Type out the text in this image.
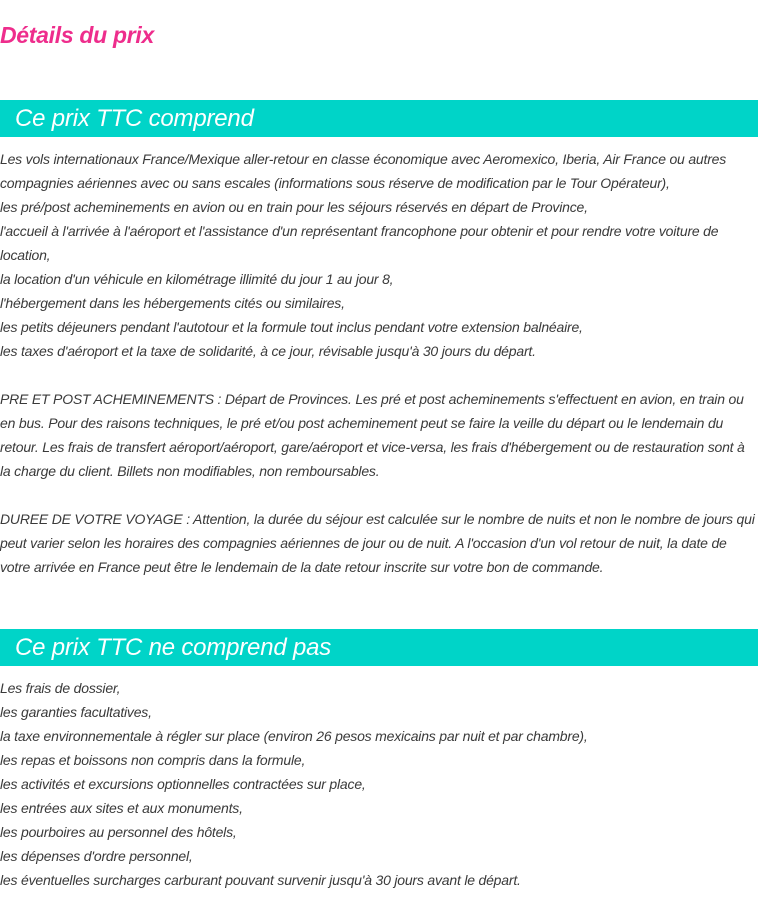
Détails du prix
Ce prix TTC comprend

Les vols internationaux France/Mexique aller-retour en classe économique avec Aeromexico, Iberia, Air France ou autres compagnies aériennes avec ou sans escales (informations sous réserve de modification par le Tour Opérateur),
les pré/post acheminements en avion ou en train pour les séjours réservés en départ de Province,
l'accueil à l'arrivée à l'aéroport et l'assistance d'un représentant francophone pour obtenir et pour rendre votre voiture de location,
la location d'un véhicule en kilométrage illimité du jour 1 au jour 8,
l'hébergement dans les hébergements cités ou similaires,
les petits déjeuners pendant l'autotour et la formule tout inclus pendant votre extension balnéaire,
les taxes d'aéroport et la taxe de solidarité, à ce jour, révisable jusqu'à 30 jours du départ.

PRE ET POST ACHEMINEMENTS : Départ de Provinces. Les pré et post acheminements s'effectuent en avion, en train ou en bus. Pour des raisons techniques, le pré et/ou post acheminement peut se faire la veille du départ ou le lendemain du retour. Les frais de transfert aéroport/aéroport, gare/aéroport et vice-versa, les frais d'hébergement ou de restauration sont à la charge du client. Billets non modifiables, non remboursables.

DUREE DE VOTRE VOYAGE : Attention, la durée du séjour est calculée sur le nombre de nuits et non le nombre de jours qui peut varier selon les horaires des compagnies aériennes de jour ou de nuit. A l'occasion d'un vol retour de nuit, la date de votre arrivée en France peut être le lendemain de la date retour inscrite sur votre bon de commande.

Ce prix TTC ne comprend pas

Les frais de dossier,
les garanties facultatives,
la taxe environnementale à régler sur place (environ 26 pesos mexicains par nuit et par chambre),
les repas et boissons non compris dans la formule,
les activités et excursions optionnelles contractées sur place,
les entrées aux sites et aux monuments,
les pourboires au personnel des hôtels,
les dépenses d'ordre personnel,
les éventuelles surcharges carburant pouvant survenir jusqu'à 30 jours avant le départ.
